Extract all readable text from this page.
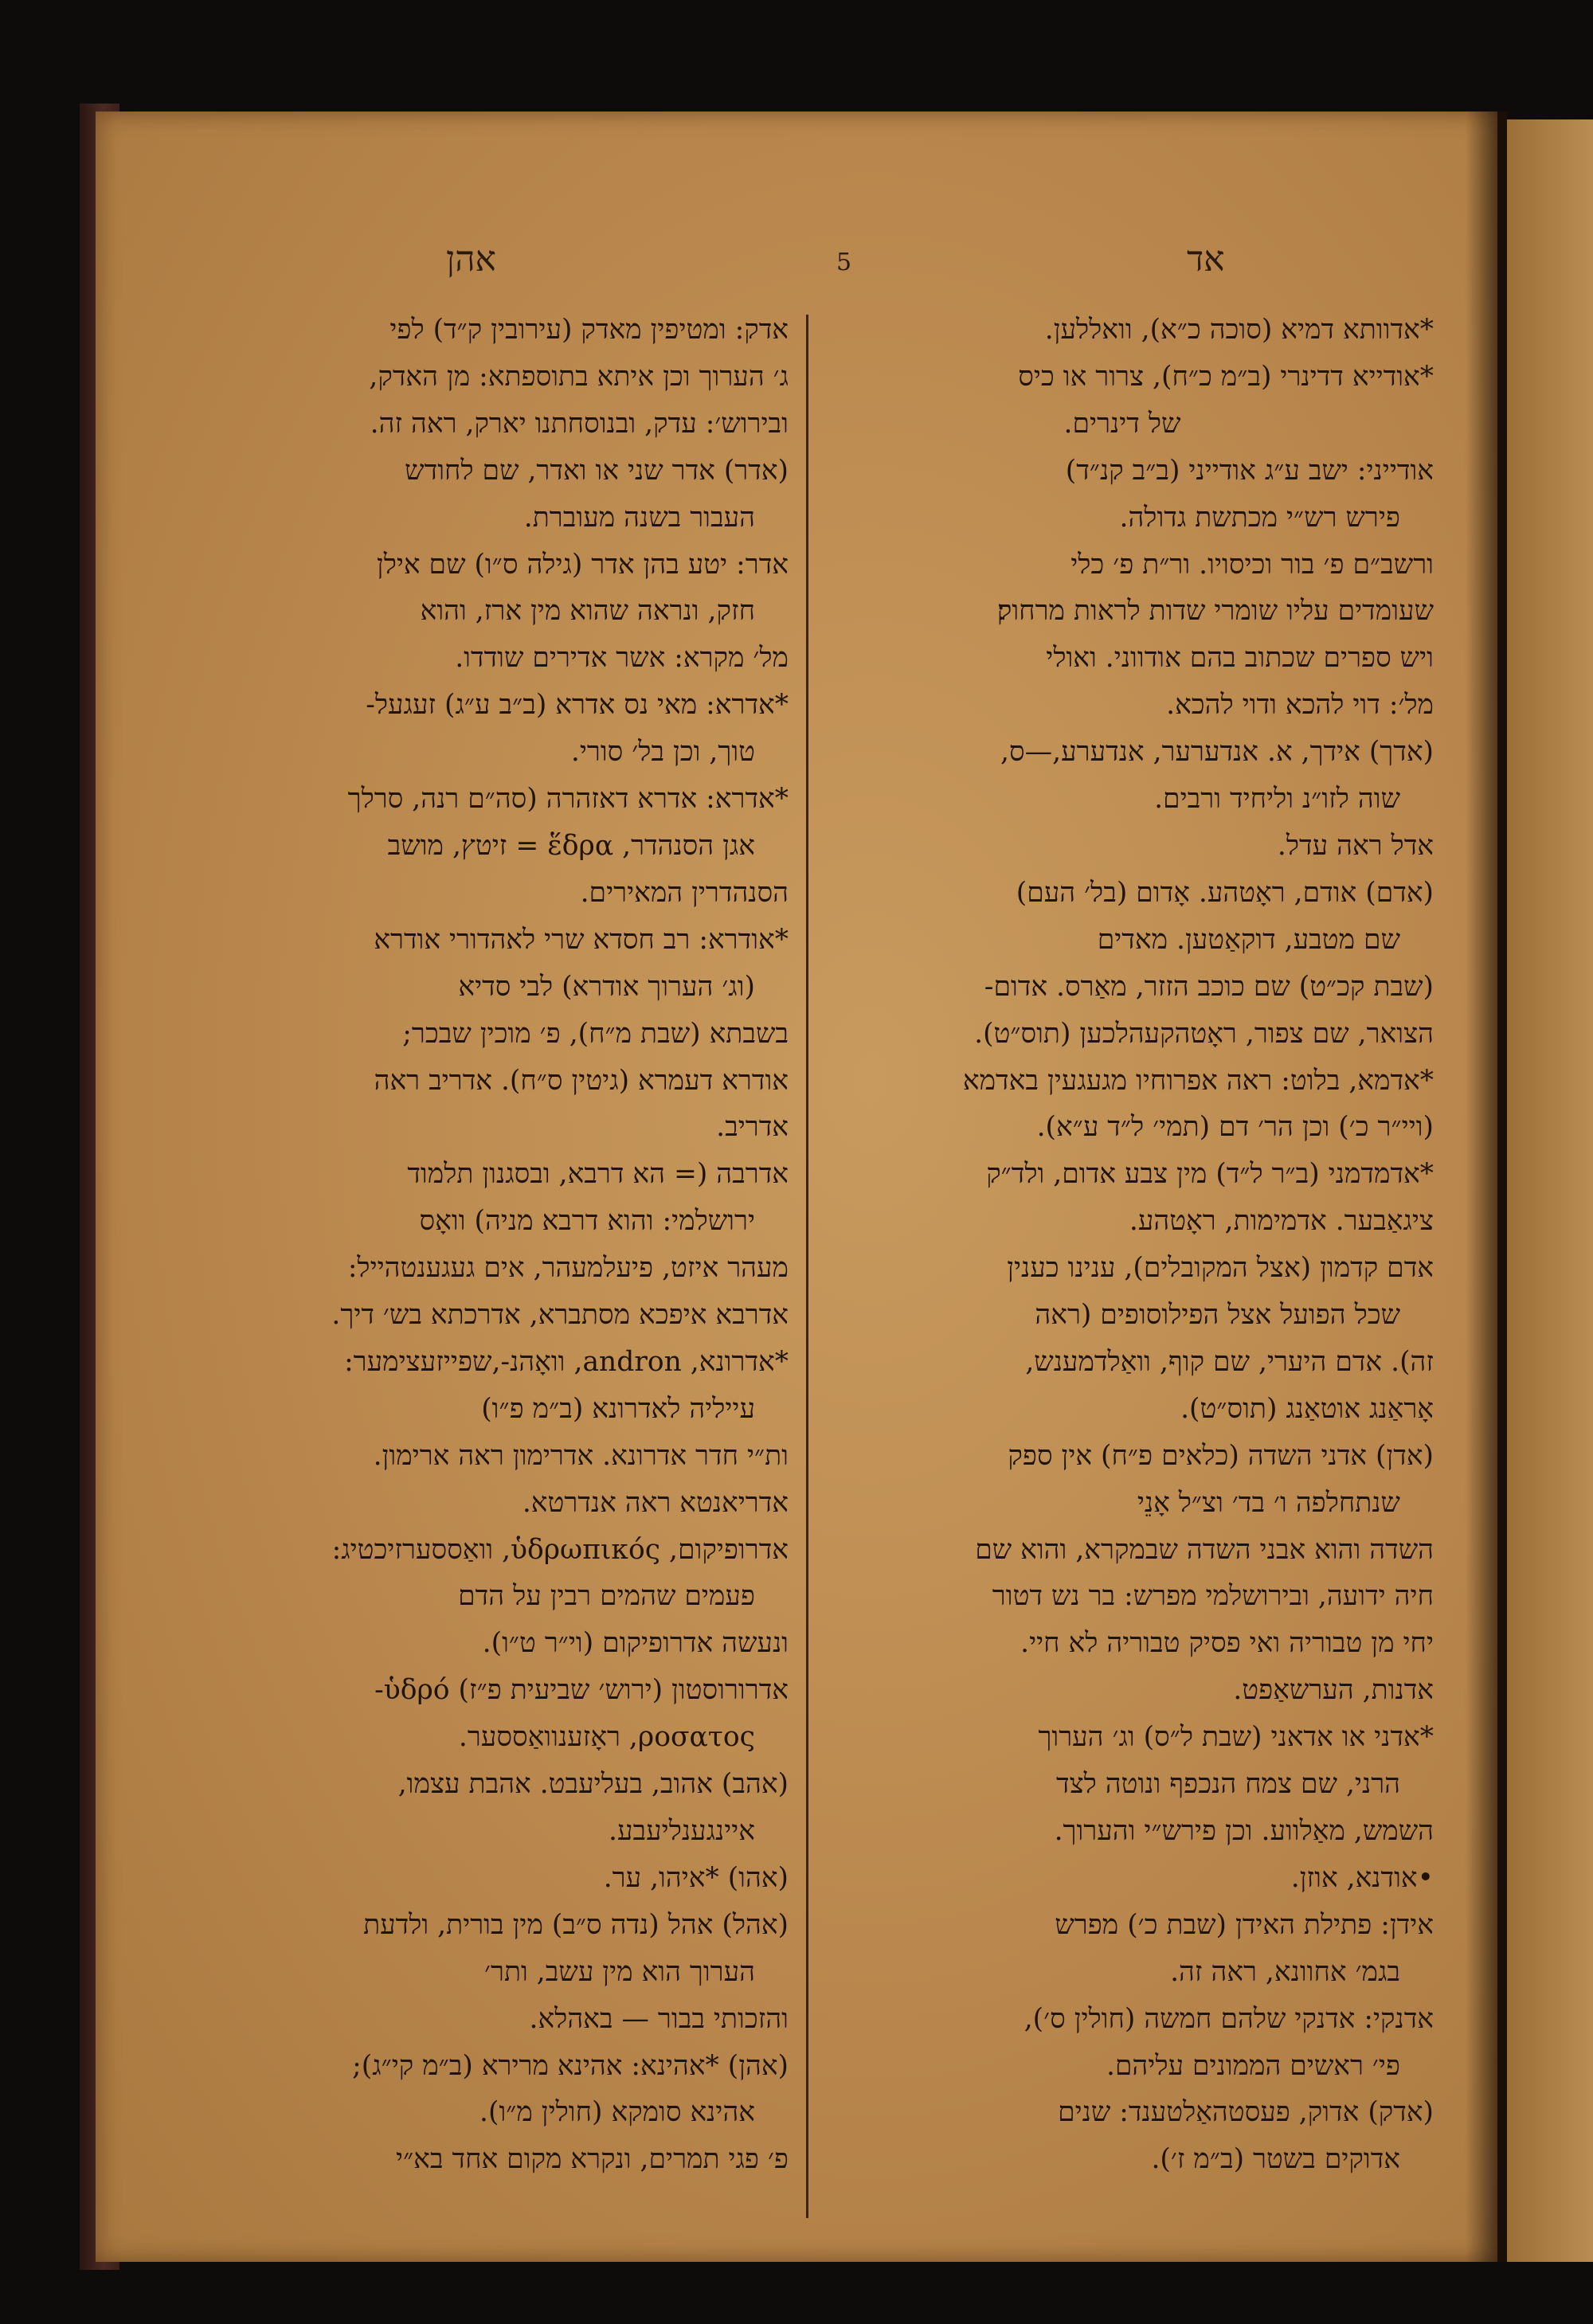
אהן	5	אד
*אדוותא דמיא (סוכה כ״א), וואללען.
*אודייא דדינרי (ב״מ כ״ח), צרור או כיס
של דינרים.
אודייני: ישב ע״ג אודייני (ב״ב קנ״ד)
פירש רש״י מכתשת גדולה.
ורשב״ם פ׳ בור וכיסויו. ור״ת פ׳ כלי
שעומדים עליו שומרי שדות לראות מרחוק׃
ויש ספרים שכתוב בהם אודווני. ואולי
מל׳: דוי להכא ודוי להכא.
(אדך) אידך, א. אנדערער, אנדערע,—ס,
שוה לזו״נ וליחיד ורבים.
אדל ראה עדל.
(אדם) אודם, ראָטהע. אָדום (בל׳ העם)
שם מטבע, דוקאַטען. מאדים
(שבת קכ״ט) שם כוכב הזזר, מאַרס. אדום-
הצואר, שם צפור, ראָטהקעהלכען (תוס״ט).
*אדמא, בלוט: ראה אפרוחיו מגעגעין באדמא
(ויי״ר כ׳) וכן הר׳ דם (תמי׳ ל״ד ע״א).
*אדמדמני (ב״ר ל״ד) מין צבע אדום, ולד״ק
ציגאַבער. אדמימות, ראָטהע.
אדם קדמון (אצל המקובלים), ענינו כענין
שכל הפועל אצל הפילוסופים (ראה
זה). אדם היערי, שם קוף, וואַלדמענש,
אָראַנג אוטאַנג (תוס״ט).
(אדן) אדני השדה (כלאים פ״ח) אין ספק
שנתחלפה ו׳ בד׳ וצ״ל אָנֵי
השדה והוא אבני השדה שבמקרא, והוא שם
חיה ידועה, ובירושלמי מפרש: בר נש דטור
יחי מן טבוריה ואי פסיק טבוריה לא חיי.
אדנות, הערשאַפט.
*אדני או אדאני (שבת ל״ס) וג׳ הערוך
הרני, שם צמח הנכפף ונוטה לצד
השמש, מאַלווע. וכן פירש״י והערוך.
•אודנא, אוזן.
אידן: פתילת האידן (שבת כ׳) מפרש
בגמ׳ אחוונא, ראה זה.
אדנקי: אדנקי שלהם חמשה (חולין ס׳),
פי׳ ראשים הממונים עליהם.
(אדק) אדוק, פעסטהאַלטענד: שנים
אדוקים בשטר (ב״מ ז׳).
אדק: ומטיפין מאדק (עירובין ק״ד) לפי
ג׳ הערוך וכן איתא בתוספתא: מן האדק,
ובירוש׳: עדק, ובנוסחתנו יארק, ראה זה.
(אדר) אדר שני או ואדר, שם לחודש
העבור בשנה מעוברת.
אדר: יטע בהן אדר (גילה ס״ו) שם אילן
חזק, ונראה שהוא מין ארז, והוא
מל׳ מקרא: אשר אדירים שודדו.
*אדרא: מאי נס אדרא (ב״ב ע״ג) זעגעל-
טוך, וכן בל׳ סורי.
*אדרא: אדרא דאזהרה (סה״ם רנה, סרלך
אגן הסנהדר, ἕδρα = זיטץ, מושב
הסנהדרין המאירים.
*אודרא: רב חסדא שרי לאהדורי אודרא
(וג׳ הערוך אודרא) לבי סדיא
בשבתא (שבת מ״ח), פ׳ מוכין שבכר;
אודרא דעמרא (גיטין ס״ח). אדריב ראה
אדריב.
אדרבה (= הא דרבא, ובסגנון תלמוד
ירושלמי: והוא דרבא מניה) וואָס
מעהר איזט, פיעלמעהר, אים געגענטהייל:
אדרבא איפכא מסתברא, אדרכתא בש׳ דיך.
*אדרונא, andron, וואָהנ-,שפייזעצימער:
עייליה לאדרונא (ב״מ פ״ו)
ות״י חדר אדרונא. אדרימון ראה ארימון.
אדריאנטא ראה אנדרטא.
אדרופיקום, ὑδρωπικός, וואַססערזיכטיג:
פעמים שהמים רבין על הדם
ונעשה אדרופיקום (וי״ר ט״ו).
אדרורוסטון (ירוש׳ שביעית פ״ז) ὑδρό-
ροσατος, ראָזענוואַססער.
(אהב) אהוב, בעליעבט. אהבת עצמו,
איינגענליעבע.
(אהו) *איהו, ער.
(אהל) אהל (נדה ס״ב) מין בורית, ולדעת
הערוך הוא מין עשב, ותר׳
והזכותי בבור — באהלא.
(אהן) *אהינא: אהינא מרירא (ב״מ קי״ג);
אהינא סומקא (חולין מ״ו).
פ׳ פגי תמרים, ונקרא מקום אחד בא״י
